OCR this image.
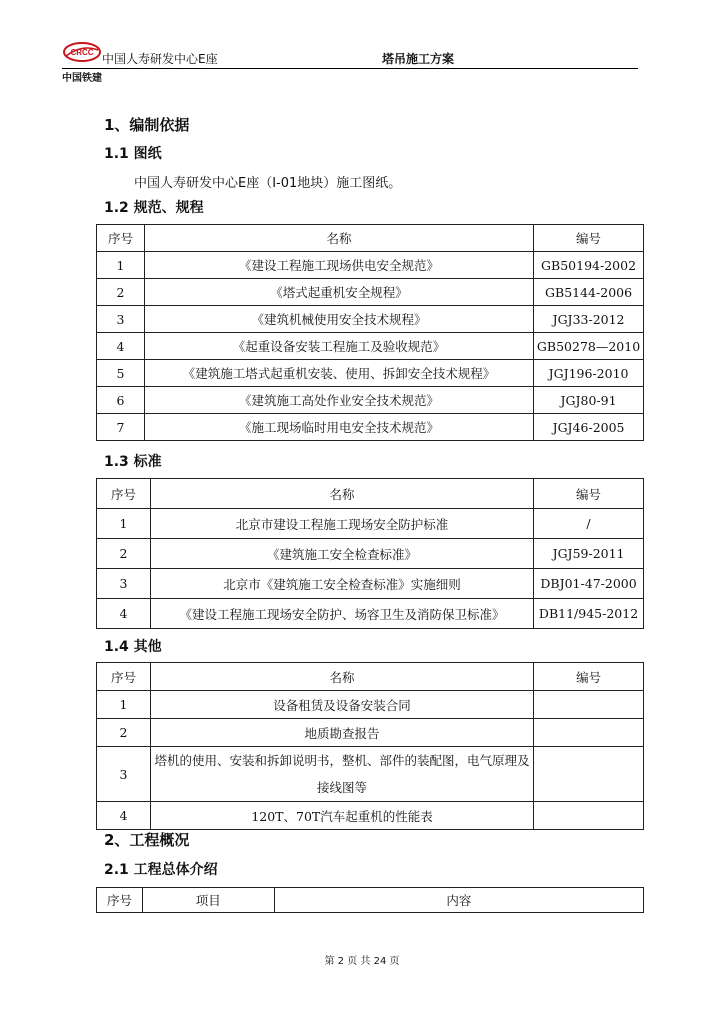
CRCC
中国铁建
中国人寿研发中心E座	塔吊施工方案
1、编制依据
1.1 图纸
中国人寿研发中心E座（I-01地块）施工图纸。
1.2 规范、规程
序号	名称	编号
1	《建设工程施工现场供电安全规范》	GB50194-2002
2	《塔式起重机安全规程》	GB5144-2006
3	《建筑机械使用安全技术规程》	JGJ33-2012
4	《起重设备安装工程施工及验收规范》	GB50278—2010
5	《建筑施工塔式起重机安装、使用、拆卸安全技术规程》	JGJ196-2010
6	《建筑施工高处作业安全技术规范》	JGJ80-91
7	《施工现场临时用电安全技术规范》	JGJ46-2005
1.3 标准
序号	名称	编号
1	北京市建设工程施工现场安全防护标准	/
2	《建筑施工安全检查标准》	JGJ59-2011
3	北京市《建筑施工安全检查标准》实施细则	DBJ01-47-2000
4	《建设工程施工现场安全防护、场容卫生及消防保卫标准》	DB11/945-2012
1.4 其他
序号	名称	编号
1	设备租赁及设备安装合同	
2	地质勘查报告	
3	塔机的使用、安装和拆卸说明书，整机、部件的装配图，电气原理及接线图等	
4	120T、70T汽车起重机的性能表	
2、工程概况
2.1 工程总体介绍
序号	项目	内容
第 2 页 共 24 页
